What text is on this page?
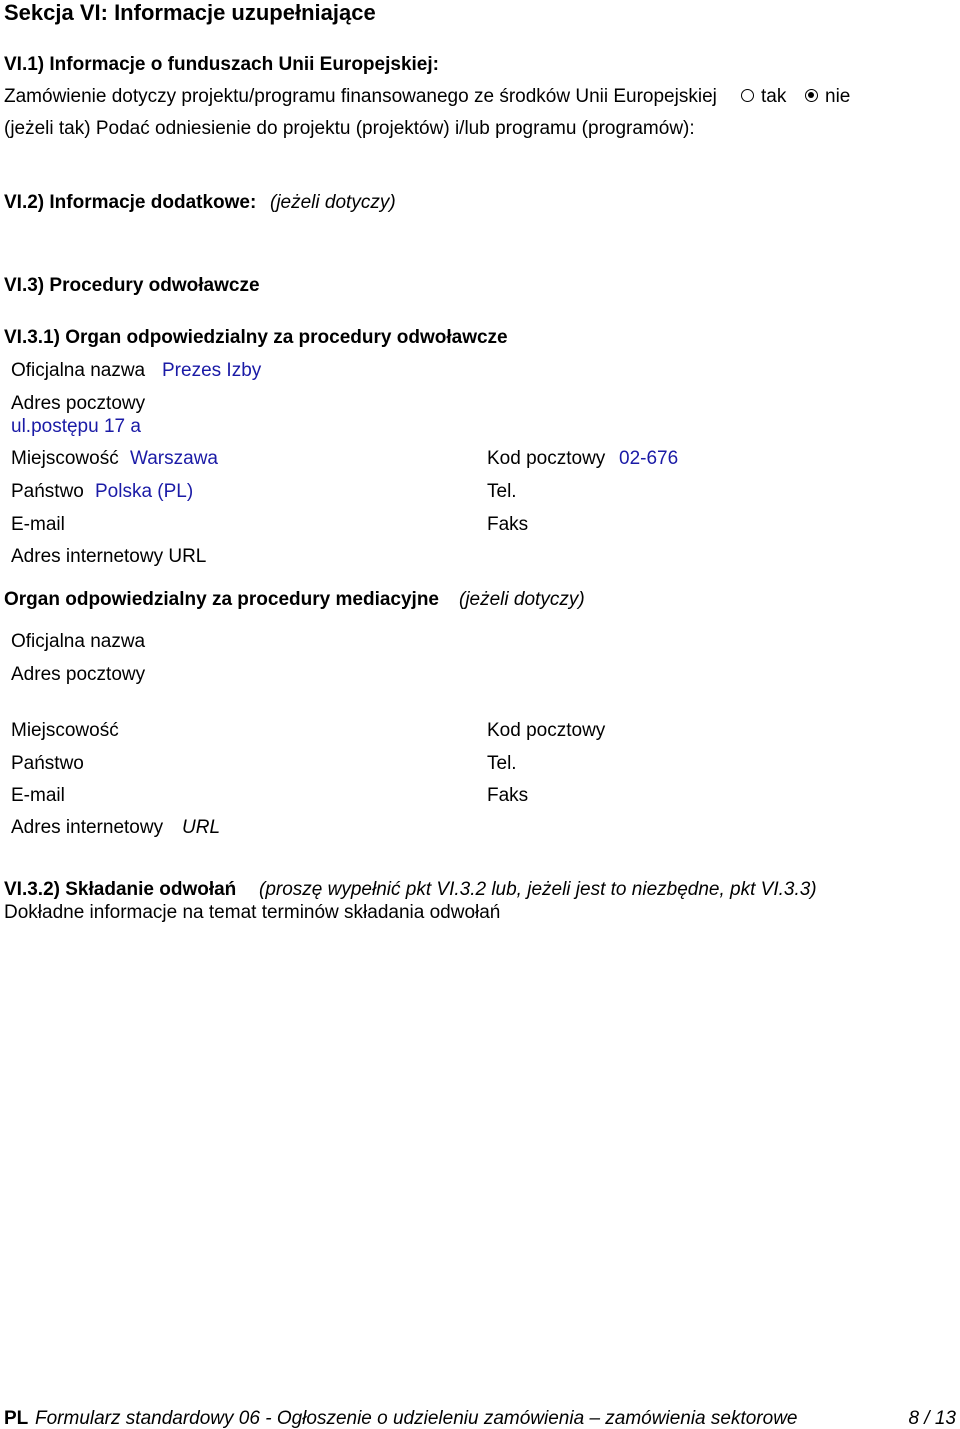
Sekcja VI: Informacje uzupełniające
VI.1) Informacje o funduszach Unii Europejskiej:
Zamówienie dotyczy projektu/programu finansowanego ze środków Unii Europejskiej tak nie
(jeżeli tak) Podać odniesienie do projektu (projektów) i/lub programu (programów):
VI.2) Informacje dodatkowe: (jeżeli dotyczy)
VI.3) Procedury odwoławcze
VI.3.1) Organ odpowiedzialny za procedury odwoławcze
Oficjalna nazwa Prezes Izby
Adres pocztowy
ul.postępu 17 a
Miejscowość Warszawa	Kod pocztowy 02-676
Państwo Polska (PL)	Tel.
E-mail	Faks
Adres internetowy URL
Organ odpowiedzialny za procedury mediacyjne (jeżeli dotyczy)
Oficjalna nazwa
Adres pocztowy
Miejscowość	Kod pocztowy
Państwo	Tel.
E-mail	Faks
Adres internetowy URL
VI.3.2) Składanie odwołań (proszę wypełnić pkt VI.3.2 lub, jeżeli jest to niezbędne, pkt VI.3.3)
Dokładne informacje na temat terminów składania odwołań
PL Formularz standardowy 06 - Ogłoszenie o udzieleniu zamówienia – zamówienia sektorowe	8 / 13
